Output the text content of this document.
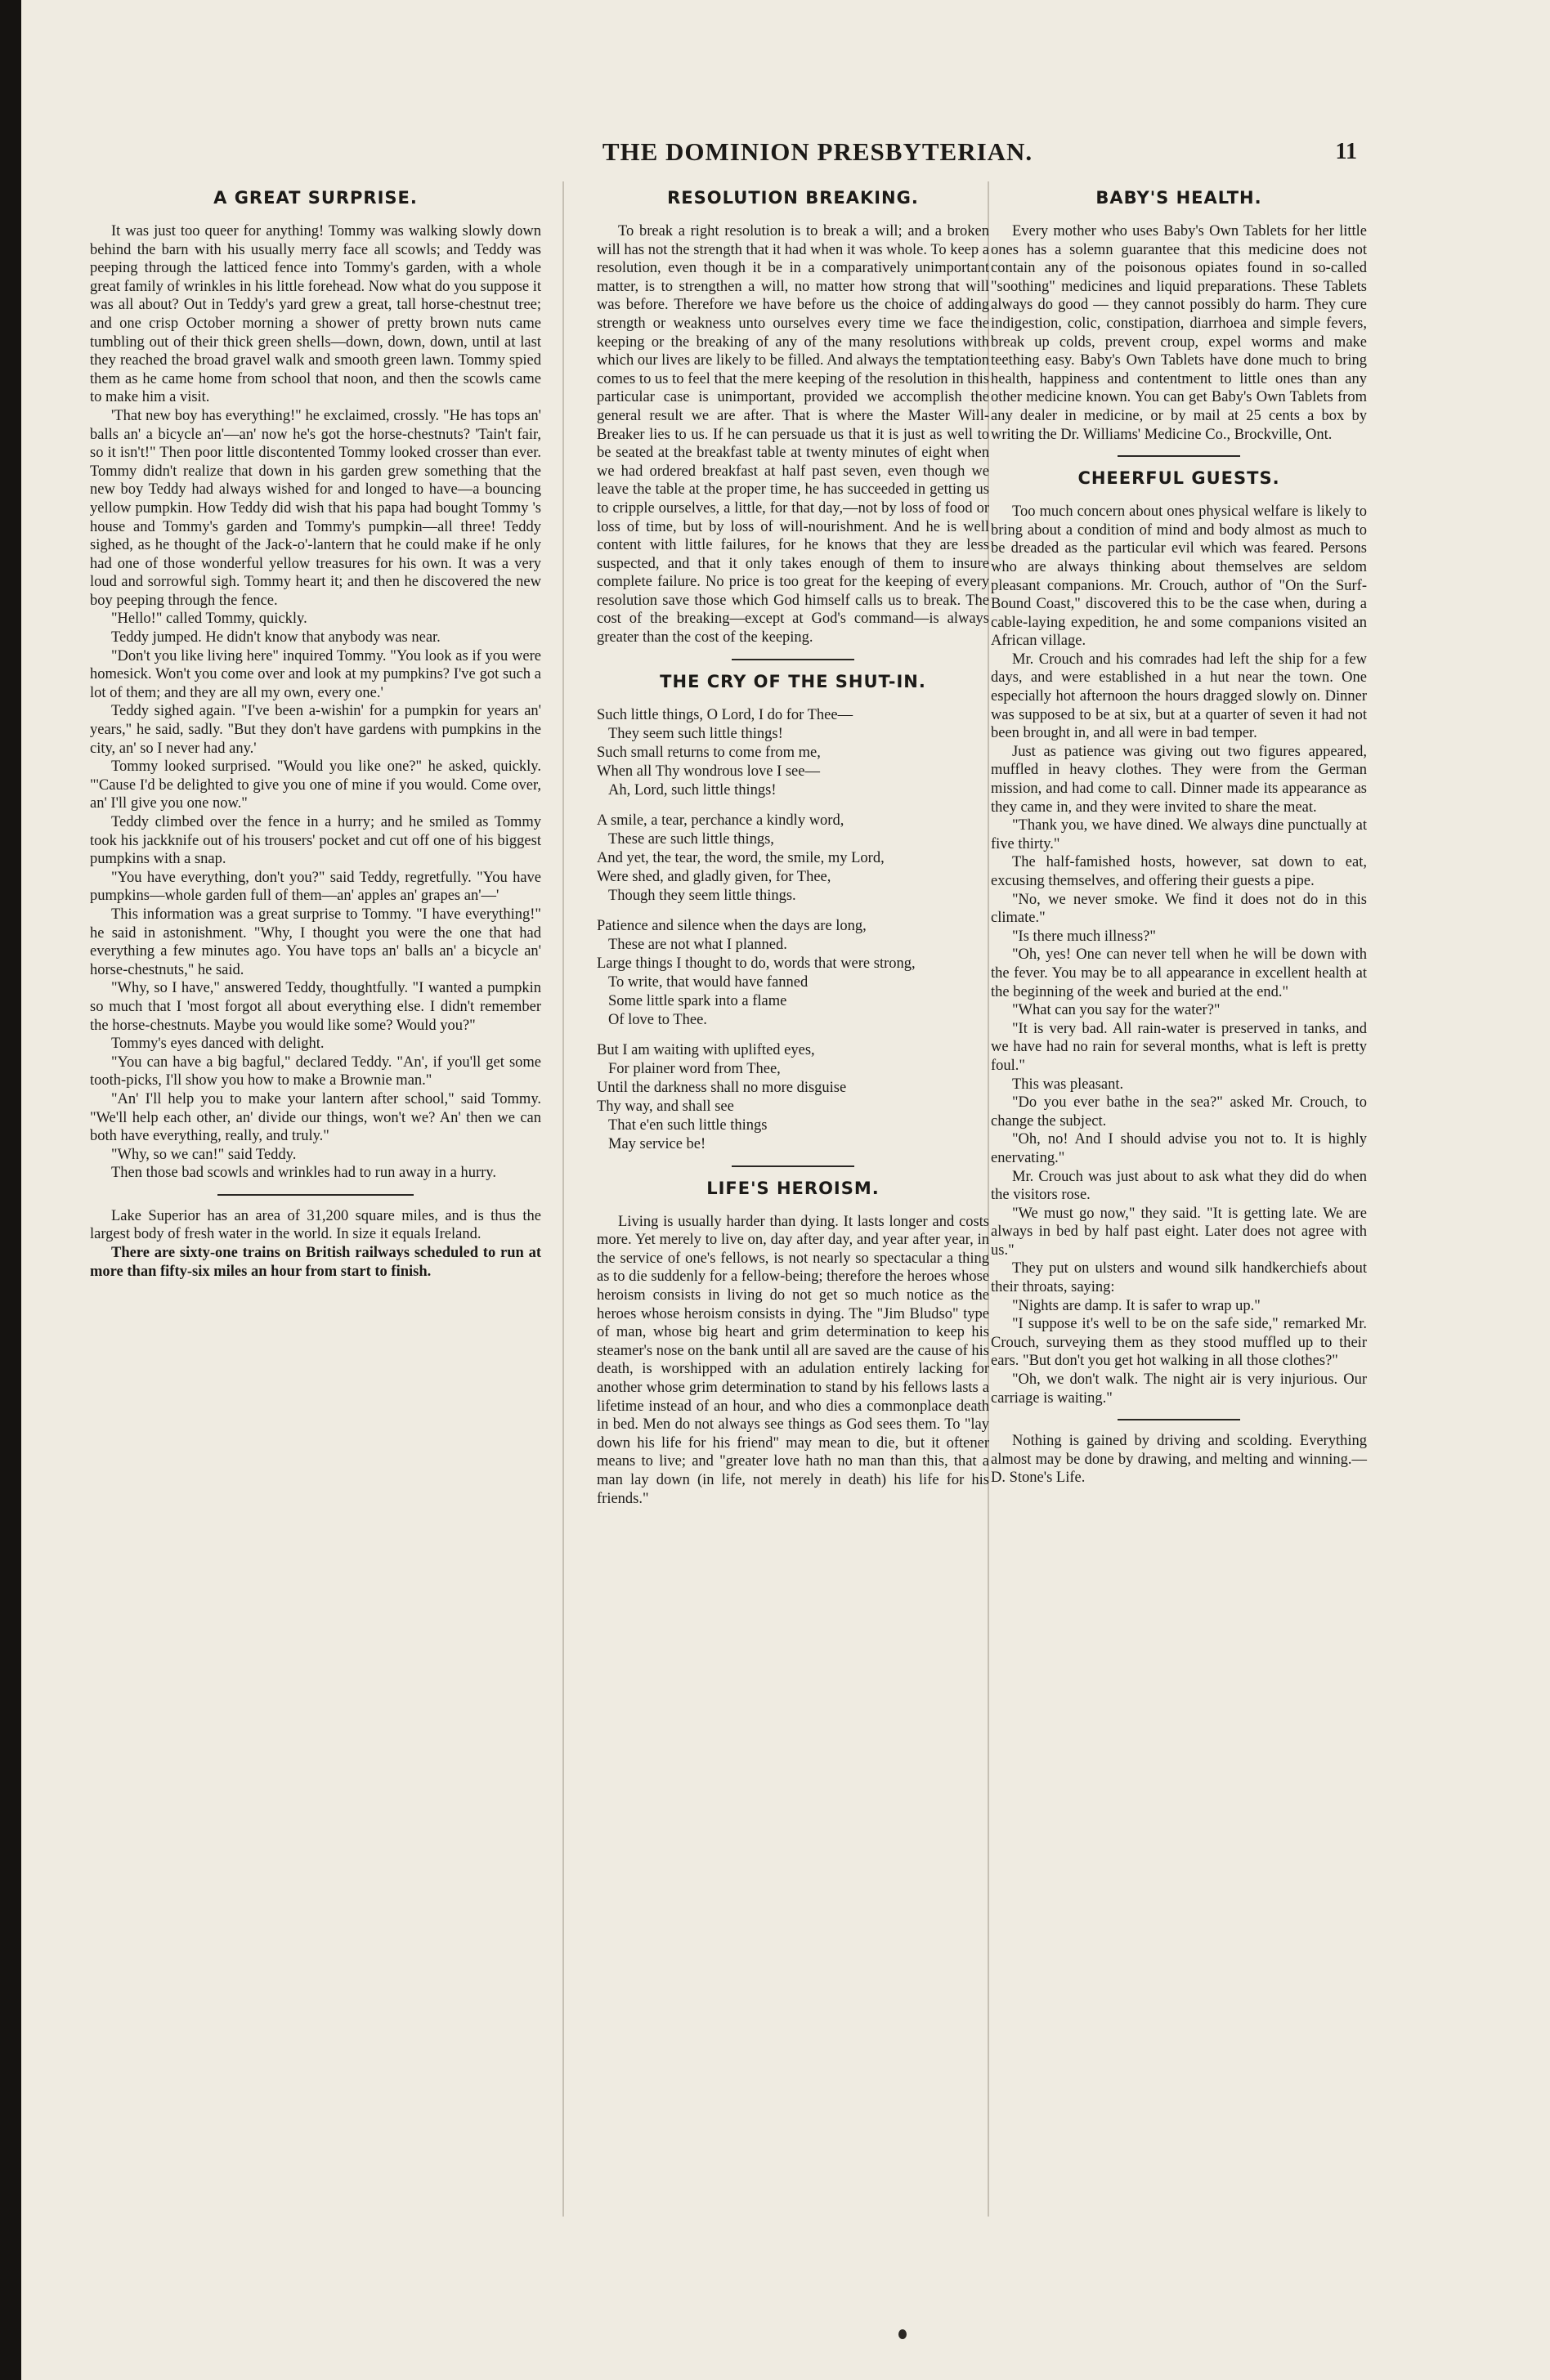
THE DOMINION PRESBYTERIAN.	11
A GREAT SURPRISE.

It was just too queer for anything! Tommy was walking slowly down behind the barn with his usually merry face all scowls; and Teddy was peeping through the latticed fence into Tommy's garden, with a whole great family of wrinkles in his little forehead. Now what do you suppose it was all about? Out in Teddy's yard grew a great, tall horse-chestnut tree; and one crisp October morning a shower of pretty brown nuts came tumbling out of their thick green shells—down, down, down, until at last they reached the broad gravel walk and smooth green lawn. Tommy spied them as he came home from school that noon, and then the scowls came to make him a visit.

'That new boy has everything!" he exclaimed, crossly. "He has tops an' balls an' a bicycle an'—an' now he's got the horse-chestnuts? 'Tain't fair, so it isn't!" Then poor little discontented Tommy looked crosser than ever. Tommy didn't realize that down in his garden grew something that the new boy Teddy had always wished for and longed to have—a bouncing yellow pumpkin. How Teddy did wish that his papa had bought Tommy 's house and Tommy's garden and Tommy's pumpkin—all three! Teddy sighed, as he thought of the Jack-o'-lantern that he could make if he only had one of those wonderful yellow treasures for his own. It was a very loud and sorrowful sigh. Tommy heart it; and then he discovered the new boy peeping through the fence.

"Hello!" called Tommy, quickly.

Teddy jumped. He didn't know that anybody was near.

"Don't you like living here" inquired Tommy. "You look as if you were homesick. Won't you come over and look at my pumpkins? I've got such a lot of them; and they are all my own, every one.'

Teddy sighed again. "I've been a-wishin' for a pumpkin for years an' years," he said, sadly. "But they don't have gardens with pumpkins in the city, an' so I never had any.'

Tommy looked surprised. "Would you like one?" he asked, quickly. "'Cause I'd be delighted to give you one of mine if you would. Come over, an' I'll give you one now."

Teddy climbed over the fence in a hurry; and he smiled as Tommy took his jackknife out of his trousers' pocket and cut off one of his biggest pumpkins with a snap.

"You have everything, don't you?" said Teddy, regretfully. "You have pumpkins—whole garden full of them—an' apples an' grapes an'—'

This information was a great surprise to Tommy. "I have everything!" he said in astonishment. "Why, I thought you were the one that had everything a few minutes ago. You have tops an' balls an' a bicycle an' horse-chestnuts," he said.

"Why, so I have," answered Teddy, thoughtfully. "I wanted a pumpkin so much that I 'most forgot all about everything else. I didn't remember the horse-chestnuts. Maybe you would like some? Would you?"

Tommy's eyes danced with delight.

"You can have a big bagful," declared Teddy. "An', if you'll get some tooth-picks, I'll show you how to make a Brownie man."

"An' I'll help you to make your lantern after school," said Tommy. "We'll help each other, an' divide our things, won't we? An' then we can both have everything, really, and truly."

"Why, so we can!" said Teddy.

Then those bad scowls and wrinkles had to run away in a hurry.

Lake Superior has an area of 31,200 square miles, and is thus the largest body of fresh water in the world. In size it equals Ireland.

There are sixty-one trains on British railways scheduled to run at more than fifty-six miles an hour from start to finish.

RESOLUTION BREAKING.

To break a right resolution is to break a will; and a broken will has not the strength that it had when it was whole. To keep a resolution, even though it be in a comparatively unimportant matter, is to strengthen a will, no matter how strong that will was before. Therefore we have before us the choice of adding strength or weakness unto ourselves every time we face the keeping or the breaking of any of the many resolutions with which our lives are likely to be filled. And always the temptation comes to us to feel that the mere keeping of the resolution in this particular case is unimportant, provided we accomplish the general result we are after. That is where the Master Will-Breaker lies to us. If he can persuade us that it is just as well to be seated at the breakfast table at twenty minutes of eight when we had ordered breakfast at half past seven, even though we leave the table at the proper time, he has succeeded in getting us to cripple ourselves, a little, for that day,—not by loss of food or loss of time, but by loss of will-nourishment. And he is well content with little failures, for he knows that they are less suspected, and that it only takes enough of them to insure complete failure. No price is too great for the keeping of every resolution save those which God himself calls us to break. The cost of the breaking—except at God's command—is always greater than the cost of the keeping.

THE CRY OF THE SHUT-IN.

Such little things, O Lord, I do for Thee—

They seem such little things!

Such small returns to come from me,

When all Thy wondrous love I see—

Ah, Lord, such little things!

A smile, a tear, perchance a kindly word,

These are such little things,

And yet, the tear, the word, the smile, my Lord,

Were shed, and gladly given, for Thee,

Though they seem little things.

Patience and silence when the days are long,

These are not what I planned.

Large things I thought to do, words that were strong,

To write, that would have fanned

Some little spark into a flame

Of love to Thee.

But I am waiting with uplifted eyes,

For plainer word from Thee,

Until the darkness shall no more disguise

Thy way, and shall see

That e'en such little things

May service be!

LIFE'S HEROISM.

Living is usually harder than dying. It lasts longer and costs more. Yet merely to live on, day after day, and year after year, in the service of one's fellows, is not nearly so spectacular a thing as to die suddenly for a fellow-being; therefore the heroes whose heroism consists in living do not get so much notice as the heroes whose heroism consists in dying. The "Jim Bludso" type of man, whose big heart and grim determination to keep his steamer's nose on the bank until all are saved are the cause of his death, is worshipped with an adulation entirely lacking for another whose grim determination to stand by his fellows lasts a lifetime instead of an hour, and who dies a commonplace death in bed. Men do not always see things as God sees them. To "lay down his life for his friend" may mean to die, but it oftener means to live; and "greater love hath no man than this, that a man lay down (in life, not merely in death) his life for his friends."

BABY'S HEALTH.

Every mother who uses Baby's Own Tablets for her little ones has a solemn guarantee that this medicine does not contain any of the poisonous opiates found in so-called "soothing" medicines and liquid preparations. These Tablets always do good — they cannot possibly do harm. They cure indigestion, colic, constipation, diarrhoea and simple fevers, break up colds, prevent croup, expel worms and make teething easy. Baby's Own Tablets have done much to bring health, happiness and contentment to little ones than any other medicine known. You can get Baby's Own Tablets from any dealer in medicine, or by mail at 25 cents a box by writing the Dr. Williams' Medicine Co., Brockville, Ont.

CHEERFUL GUESTS.

Too much concern about ones physical welfare is likely to bring about a condition of mind and body almost as much to be dreaded as the particular evil which was feared. Persons who are always thinking about themselves are seldom pleasant companions. Mr. Crouch, author of "On the Surf-Bound Coast," discovered this to be the case when, during a cable-laying expedition, he and some companions visited an African village.

Mr. Crouch and his comrades had left the ship for a few days, and were established in a hut near the town. One especially hot afternoon the hours dragged slowly on. Dinner was supposed to be at six, but at a quarter of seven it had not been brought in, and all were in bad temper.

Just as patience was giving out two figures appeared, muffled in heavy clothes. They were from the German mission, and had come to call. Dinner made its appearance as they came in, and they were invited to share the meat.

"Thank you, we have dined. We always dine punctually at five thirty."

The half-famished hosts, however, sat down to eat, excusing themselves, and offering their guests a pipe.

"No, we never smoke. We find it does not do in this climate."

"Is there much illness?"

"Oh, yes! One can never tell when he will be down with the fever. You may be to all appearance in excellent health at the beginning of the week and buried at the end."

"What can you say for the water?"

"It is very bad. All rain-water is preserved in tanks, and we have had no rain for several months, what is left is pretty foul."

This was pleasant.

"Do you ever bathe in the sea?" asked Mr. Crouch, to change the subject.

"Oh, no! And I should advise you not to. It is highly enervating."

Mr. Crouch was just about to ask what they did do when the visitors rose.

"We must go now," they said. "It is getting late. We are always in bed by half past eight. Later does not agree with us."

They put on ulsters and wound silk handkerchiefs about their throats, saying:

"Nights are damp. It is safer to wrap up."

"I suppose it's well to be on the safe side," remarked Mr. Crouch, surveying them as they stood muffled up to their ears. "But don't you get hot walking in all those clothes?"

"Oh, we don't walk. The night air is very injurious. Our carriage is waiting."

Nothing is gained by driving and scolding. Everything almost may be done by drawing, and melting and winning.—D. Stone's Life.
